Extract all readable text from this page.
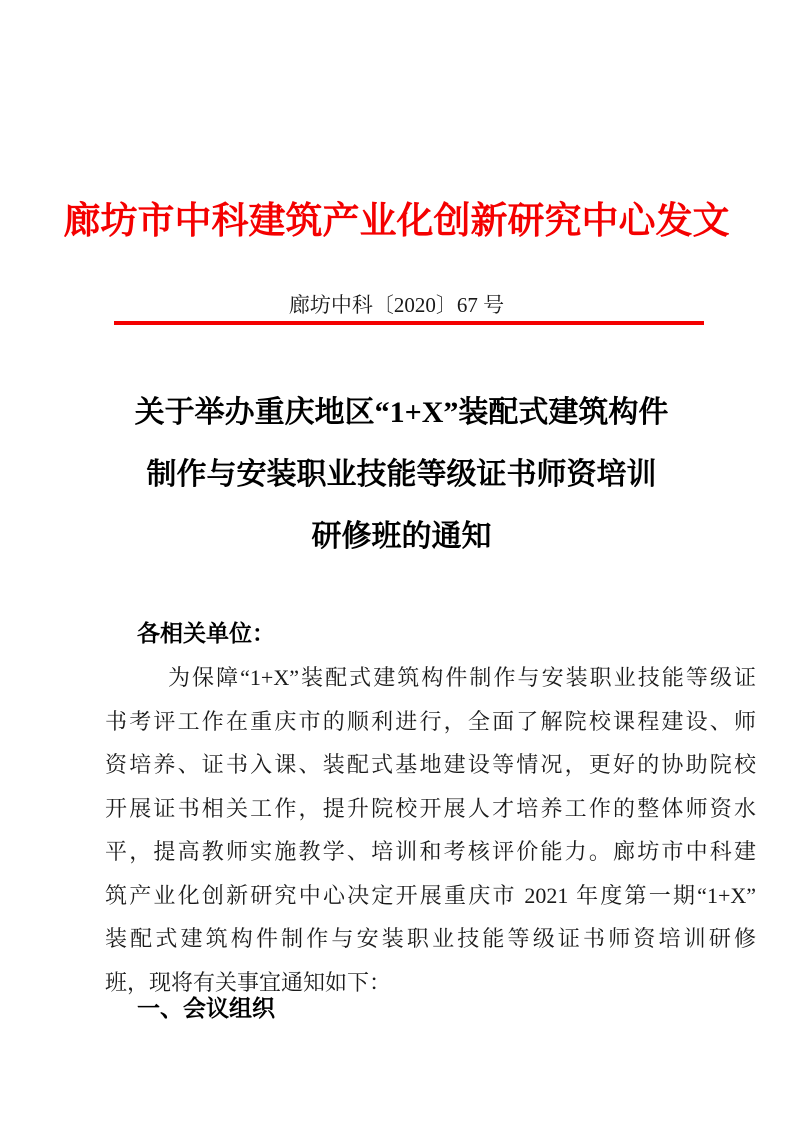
廊坊市中科建筑产业化创新研究中心发文
廊坊中科〔2020〕67 号
关于举办重庆地区“1+X”装配式建筑构件
制作与安装职业技能等级证书师资培训
研修班的通知
各相关单位：
为保障“1+X”装配式建筑构件制作与安装职业技能等级证
书考评工作在重庆市的顺利进行，全面了解院校课程建设、师
资培养、证书入课、装配式基地建设等情况，更好的协助院校
开展证书相关工作，提升院校开展人才培养工作的整体师资水
平，提高教师实施教学、培训和考核评价能力。廊坊市中科建
筑产业化创新研究中心决定开展重庆市 2021 年度第一期“1+X”
装配式建筑构件制作与安装职业技能等级证书师资培训研修
班，现将有关事宜通知如下：
一、会议组织
